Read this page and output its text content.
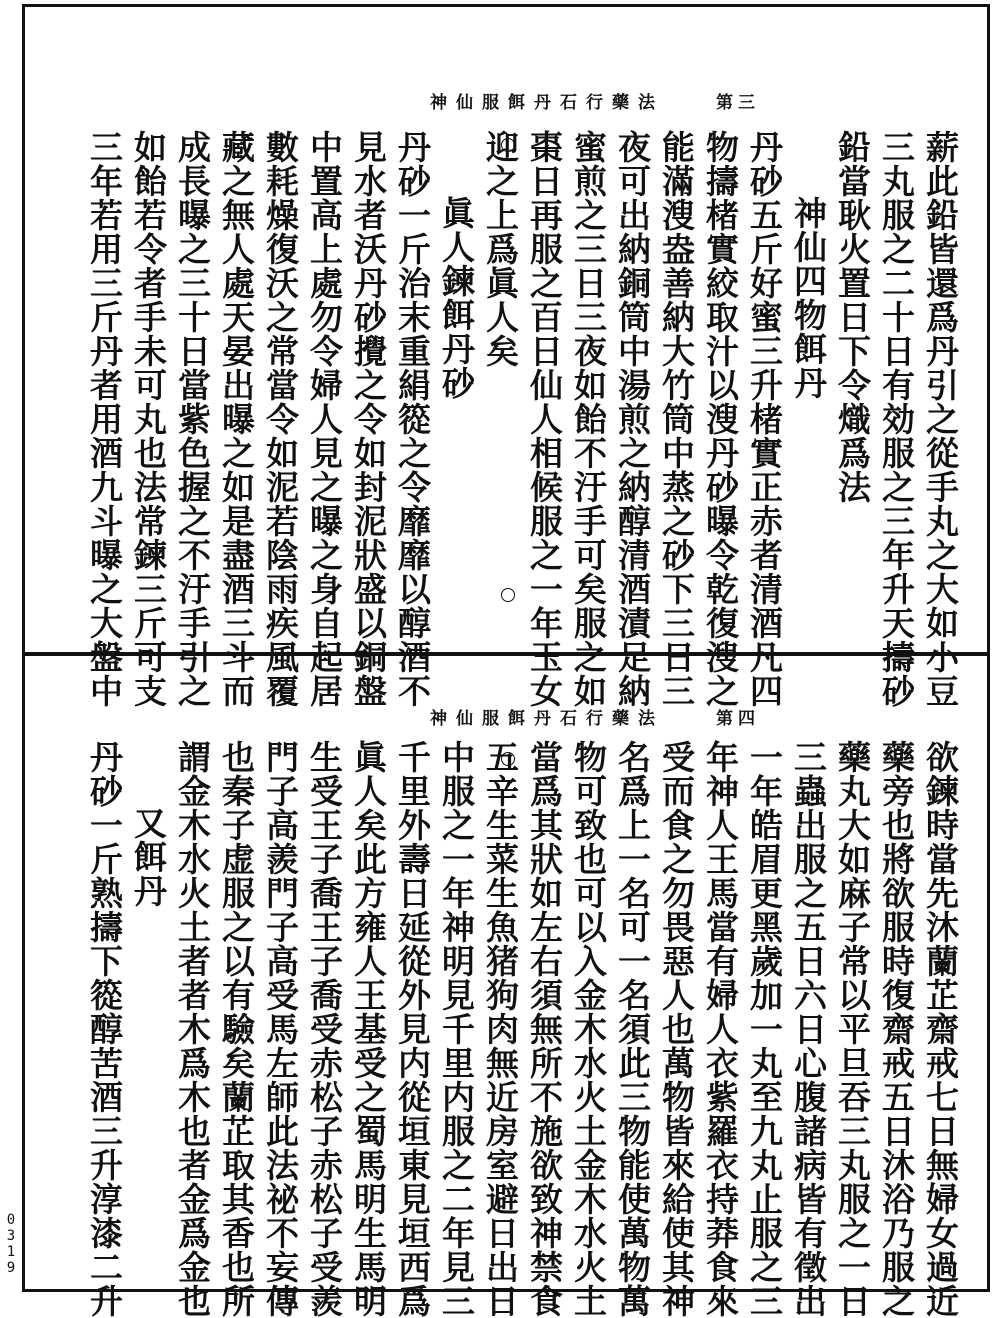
神仙服餌丹石行藥法	第三
神仙服餌丹石行藥法	第四
薪此鉛皆還爲丹引之從手丸之大如小豆
三丸服之二十日有効服之三年升天擣砂
鉛當耿火置日下令熾爲法
神仙四物餌丹
丹砂五斤好蜜三升楮實正赤者清酒凡四
物擣楮實絞取汁以溲丹砂曝令乾復溲之
能滿溲盎善納大竹筒中蒸之砂下三日三
夜可出納銅筒中湯煎之納醇清酒漬足納
蜜煎之三日三夜如飴不汙手可矣服之如
棗日再服之百日仙人相候服之一年玉女
迎之上爲眞人矣
眞人鍊餌丹砂
丹砂一斤治末重絹篵之令靡靡以醇酒不
見水者沃丹砂攪之令如封泥狀盛以銅盤
中置高上處勿令婦人見之曝之身自起居
數耗燥復沃之常當令如泥若陰雨疾風覆
藏之無人處天晏出曝之如是盡酒三斗而
成長曝之三十日當紫色握之不汙手引之
如飴若令者手未可丸也法常鍊三斤可支
三年若用三斤丹者用酒九斗曝之大盤中
欲鍊時當先沐蘭芷齋戒七日無婦女過近
藥旁也將欲服時復齋戒五日沐浴乃服之
藥丸大如麻子常以平旦吞三丸服之一日
三蟲出服之五日六日心腹諸病皆有徵出
一年皓眉更黑歲加一丸至九丸止服之三
年神人王馬當有婦人衣紫羅衣持莽食來
受而食之勿畏惡人也萬物皆來給使其神
名爲上一名可一名須此三物能使萬物萬
物可致也可以入金木水火土金木水火土
當爲其狀如左右須無所不施欲致神禁食
五辛生菜生魚猪狗肉無近房室避日出日
中服之一年神明見千里内服之二年見三
千里外壽日延從外見内從垣東見垣西爲
眞人矣此方雍人王基受之蜀馬明生馬明
生受王子喬王子喬受赤松子赤松子受羨
門子高羨門子高受馬左師此法祕不妄傳
也秦子虚服之以有驗矣蘭芷取其香也所
謂金木水火土者者木爲木也者金爲金也
又餌丹
丹砂一斤熟擣下篵醇苦酒三升淳漆二升
0319
